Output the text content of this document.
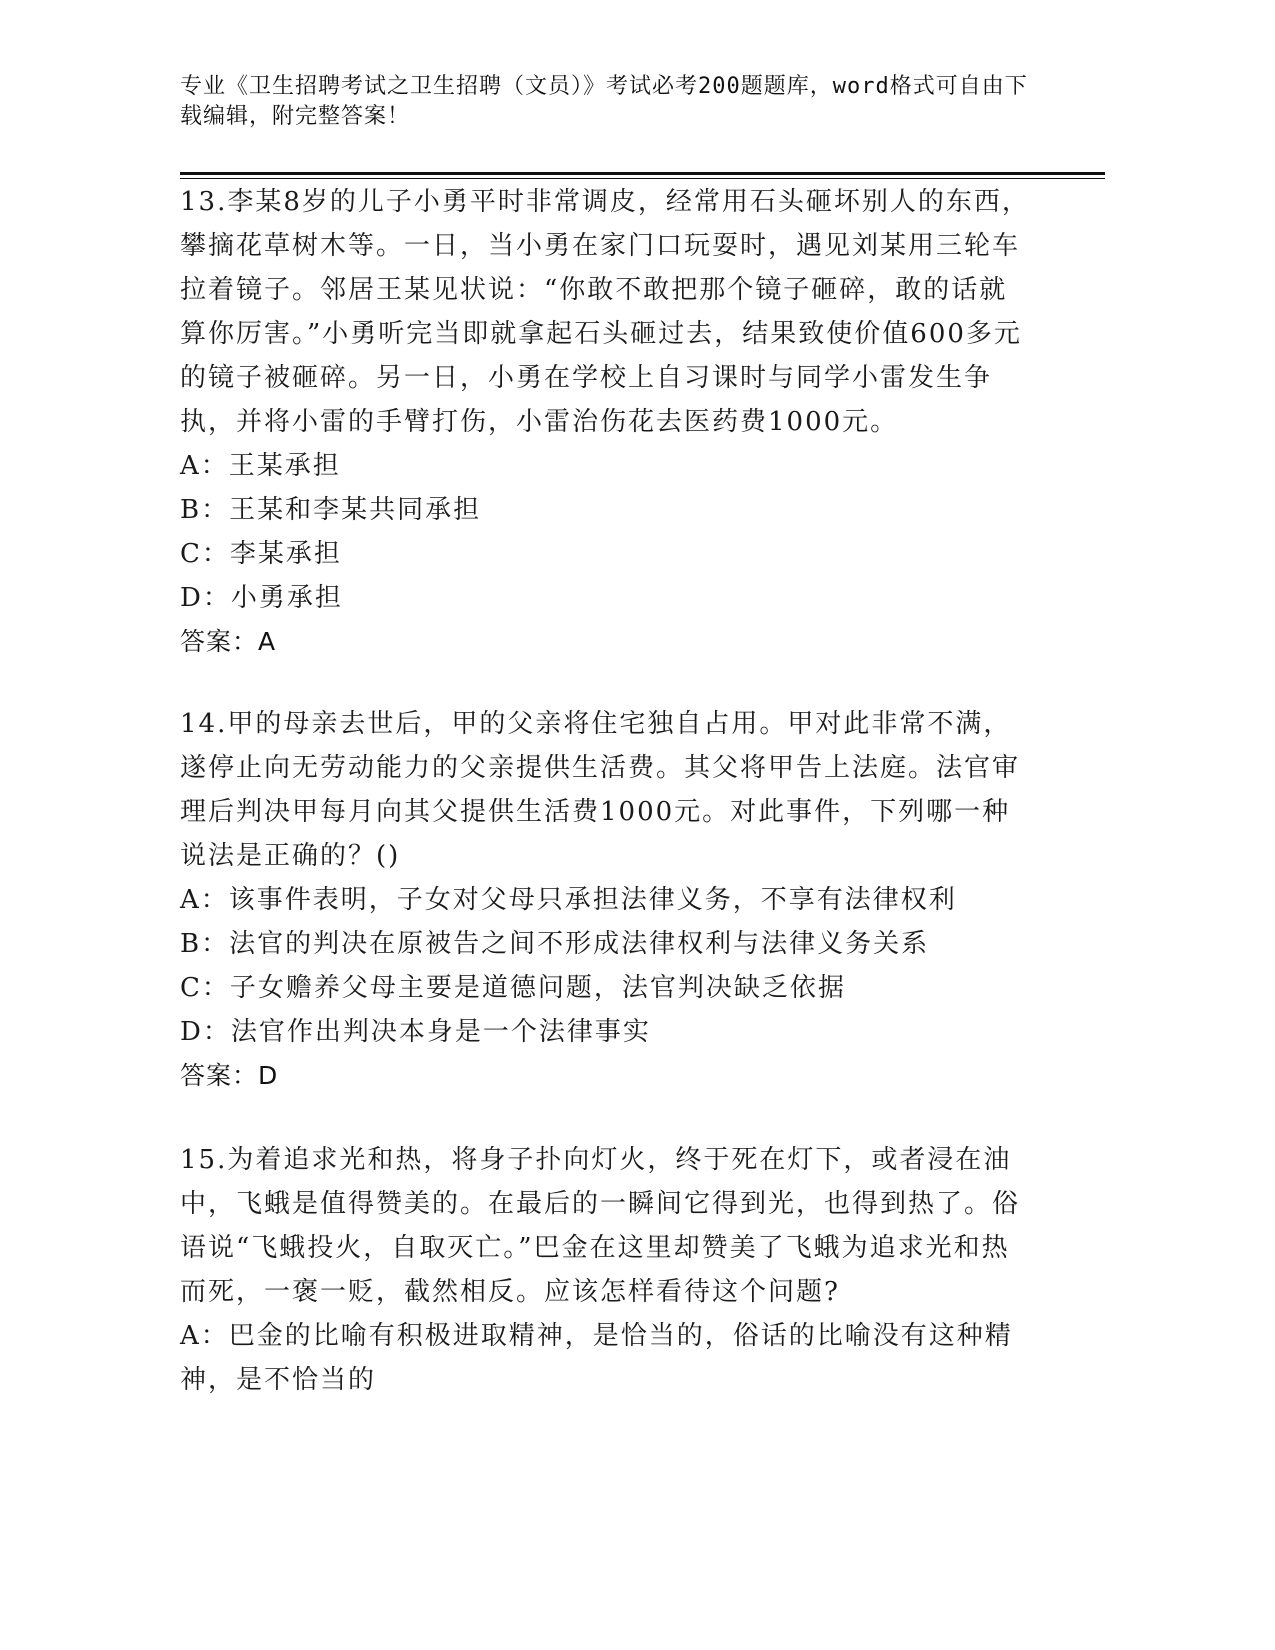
专业《卫生招聘考试之卫生招聘（文员）》考试必考200题题库，word格式可自由下载编辑，附完整答案！

13.李某8岁的儿子小勇平时非常调皮，经常用石头砸坏别人的东西，攀摘花草树木等。一日，当小勇在家门口玩耍时，遇见刘某用三轮车拉着镜子。邻居王某见状说：“你敢不敢把那个镜子砸碎，敢的话就算你厉害。”小勇听完当即就拿起石头砸过去，结果致使价值600多元的镜子被砸碎。另一日，小勇在学校上自习课时与同学小雷发生争执，并将小雷的手臂打伤，小雷治伤花去医药费1000元。

A：王某承担

B：王某和李某共同承担

C：李某承担

D：小勇承担

答案：A

14.甲的母亲去世后，甲的父亲将住宅独自占用。甲对此非常不满，遂停止向无劳动能力的父亲提供生活费。其父将甲告上法庭。法官审理后判决甲每月向其父提供生活费1000元。对此事件，下列哪一种说法是正确的？()

A：该事件表明，子女对父母只承担法律义务，不享有法律权利

B：法官的判决在原被告之间不形成法律权利与法律义务关系

C：子女赡养父母主要是道德问题，法官判决缺乏依据

D：法官作出判决本身是一个法律事实

答案：D

15.为着追求光和热，将身子扑向灯火，终于死在灯下，或者浸在油中，飞蛾是值得赞美的。在最后的一瞬间它得到光，也得到热了。俗语说“飞蛾投火，自取灭亡。”巴金在这里却赞美了飞蛾为追求光和热而死，一褒一贬，截然相反。应该怎样看待这个问题?

A：巴金的比喻有积极进取精神，是恰当的，俗话的比喻没有这种精神，是不恰当的
